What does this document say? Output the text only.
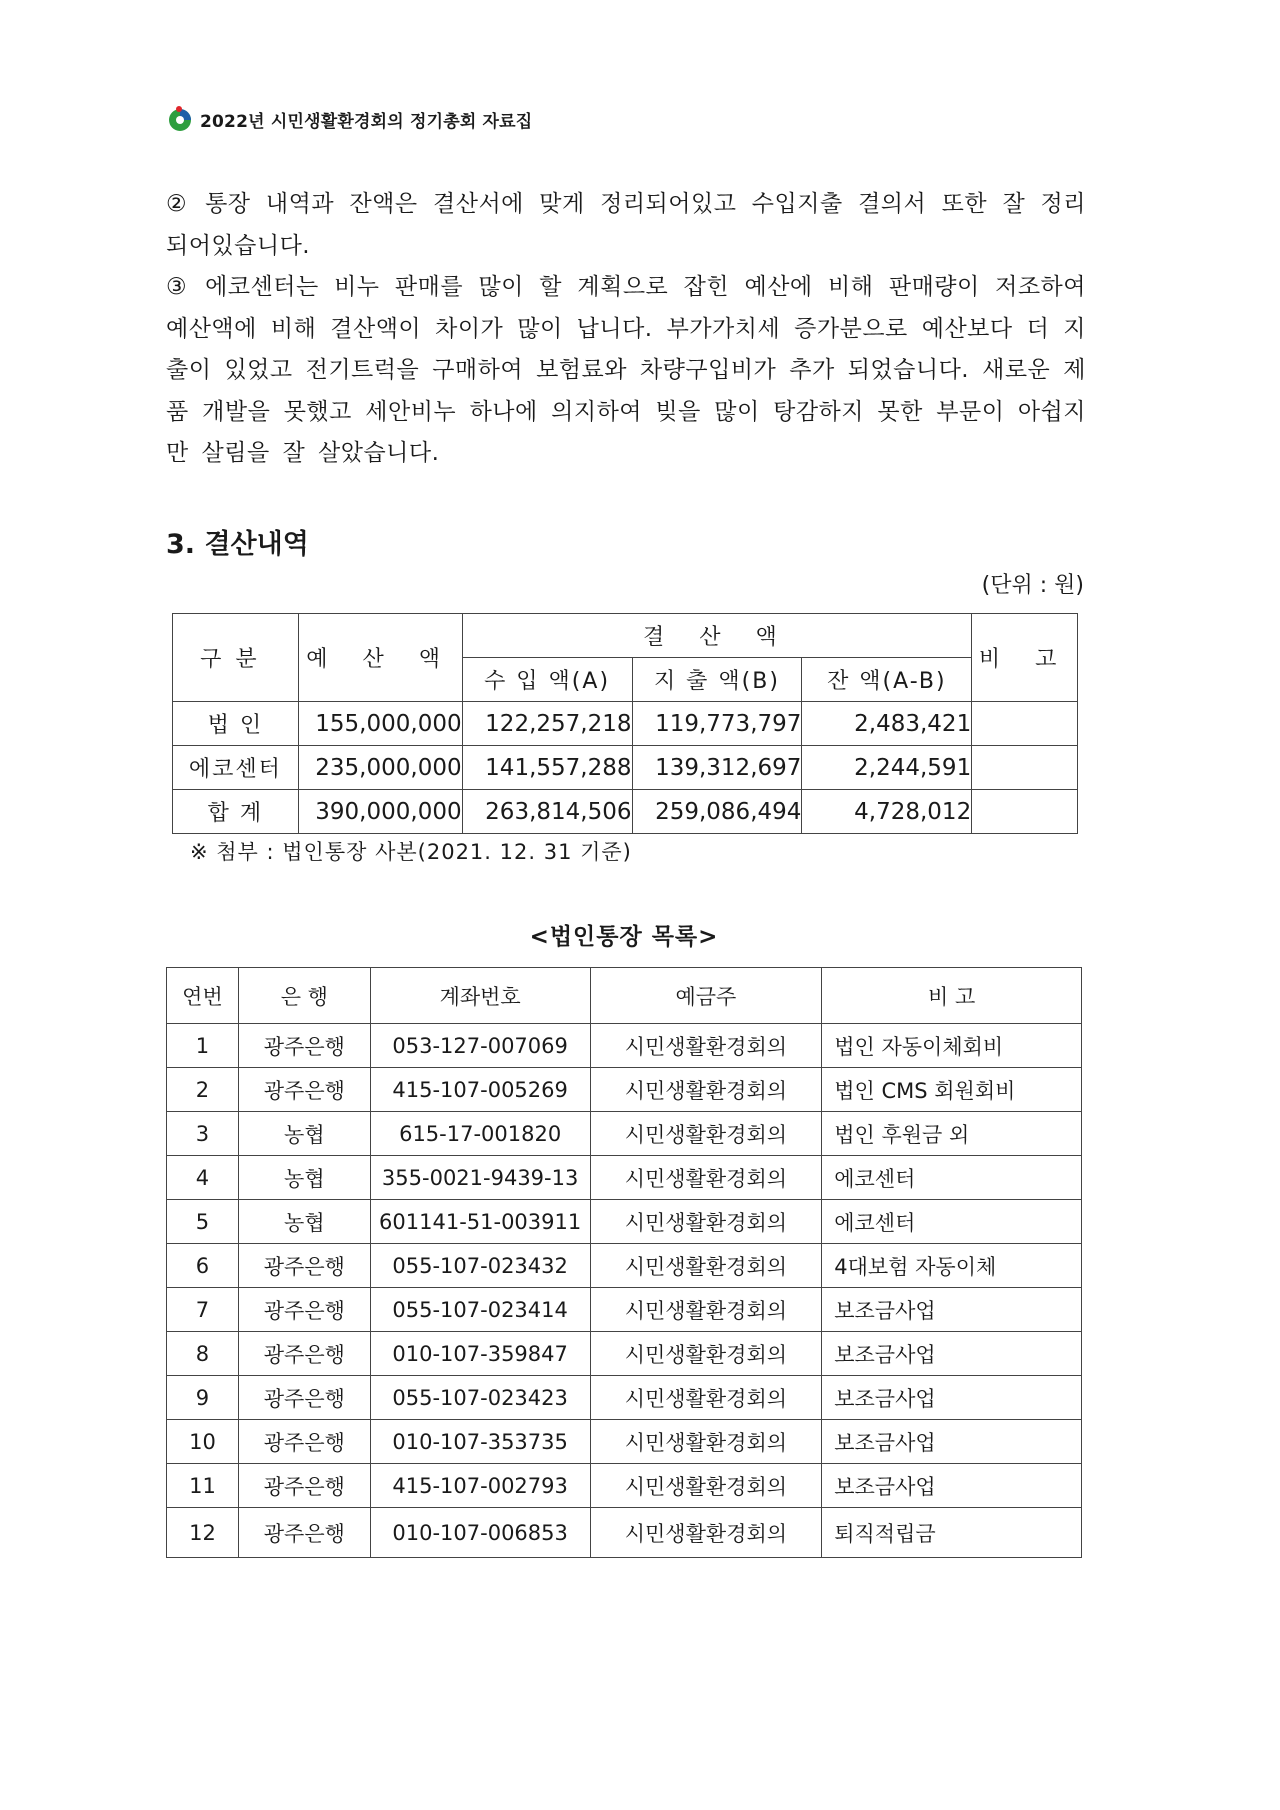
2022년 시민생활환경회의 정기총회 자료집

② 통장 내역과 잔액은 결산서에 맞게 정리되어있고 수입지출 결의서 또한 잘 정리 되어있습니다.

③ 에코센터는 비누 판매를 많이 할 계획으로 잡힌 예산에 비해 판매량이 저조하여 예산액에 비해 결산액이 차이가 많이 납니다. 부가가치세 증가분으로 예산보다 더 지출이 있었고 전기트럭을 구매하여 보험료와 차량구입비가 추가 되었습니다. 새로운 제품 개발을 못했고 세안비누 하나에 의지하여 빚을 많이 탕감하지 못한 부문이 아쉽지만 살림을 잘 살았습니다.

3. 결산내역
(단위 : 원)
구분	예 산 액	결 산 액			비 고
		수 입 액(A)	지 출 액(B)	잔 액(A-B)	
법 인	155,000,000	122,257,218	119,773,797	2,483,421	
에코센터	235,000,000	141,557,288	139,312,697	2,244,591	
합 계	390,000,000	263,814,506	259,086,494	4,728,012	
※ 첨부 : 법인통장 사본(2021. 12. 31 기준)
<법인통장 목록>
연번	은 행	계좌번호	예금주	비 고
1	광주은행	053-127-007069	시민생활환경회의	법인 자동이체회비
2	광주은행	415-107-005269	시민생활환경회의	법인 CMS 회원회비
3	농협	615-17-001820	시민생활환경회의	법인 후원금 외
4	농협	355-0021-9439-13	시민생활환경회의	에코센터
5	농협	601141-51-003911	시민생활환경회의	에코센터
6	광주은행	055-107-023432	시민생활환경회의	4대보험 자동이체
7	광주은행	055-107-023414	시민생활환경회의	보조금사업
8	광주은행	010-107-359847	시민생활환경회의	보조금사업
9	광주은행	055-107-023423	시민생활환경회의	보조금사업
10	광주은행	010-107-353735	시민생활환경회의	보조금사업
11	광주은행	415-107-002793	시민생활환경회의	보조금사업
12	광주은행	010-107-006853	시민생활환경회의	퇴직적립금
